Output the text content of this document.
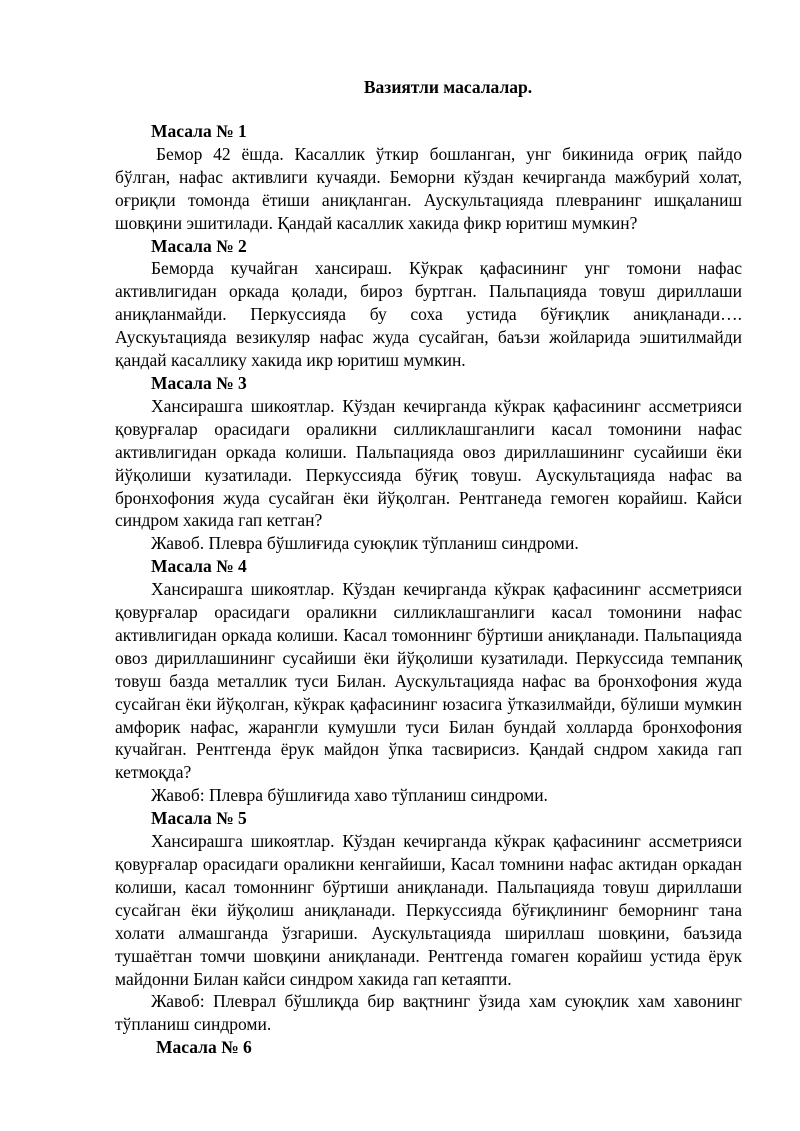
Вазиятли масалалар.

Масала № 1

Бемор 42 ёшда. Касаллик ўткир бошланган, унг бикинида оғриқ пайдо бўлган, нафас активлиги кучаяди. Беморни кўздан кечирганда мажбурий холат, оғриқли томонда ётиши аниқланган. Аускультацияда плевранинг ишқаланиш шовқини эшитилади. Қандай касаллик хакида фикр юритиш мумкин?

Масала № 2

Беморда кучайган хансираш. Кўкрак қафасининг унг томони нафас активлигидан оркада қолади, бироз буртган. Пальпацияда товуш дириллаши аниқланмайди. Перкуссияда бу соха устида бўғиқлик аниқланади…. Аускуьтацияда везикуляр нафас жуда сусайган, баъзи жойларида эшитилмайди қандай касаллику хакида икр юритиш мумкин.

Масала № 3

Хансирашга шикоятлар. Кўздан кечирганда кўкрак қафасининг ассметрияси қовурғалар орасидаги ораликни силликлашганлиги касал томонини нафас активлигидан оркада колиши. Пальпацияда овоз дириллашининг сусайиши ёки йўқолиши кузатилади. Перкуссияда бўғиқ товуш. Аускультацияда нафас ва бронхофония жуда сусайган ёки йўқолган. Рентганеда гемоген корайиш. Кайси синдром хакида гап кетган?

Жавоб. Плевра бўшлиғида суюқлик тўпланиш синдроми.

Масала № 4

Хансирашга шикоятлар. Кўздан кечирганда кўкрак қафасининг ассметрияси қовурғалар орасидаги ораликни силликлашганлиги касал томонини нафас активлигидан оркада колиши. Касал томоннинг бўртиши аниқланади. Пальпацияда овоз дириллашининг сусайиши ёки йўқолиши кузатилади. Перкуссида темпаниқ товуш базда металлик туси Билан. Аускультацияда нафас ва бронхофония жуда сусайган ёки йўқолган, кўкрак қафасининг юзасига ўтказилмайди, бўлиши мумкин амфорик нафас, жарангли кумушли туси Билан бундай холларда бронхофония кучайган. Рентгенда ёрук майдон ўпка тасвирисиз. Қандай сндром хакида гап кетмоқда?

Жавоб: Плевра бўшлиғида хаво тўпланиш синдроми.

Масала № 5

Хансирашга шикоятлар. Кўздан кечирганда кўкрак қафасининг ассметрияси қовурғалар орасидаги ораликни кенгайиши, Касал томнини нафас актидан оркадан колиши, касал томоннинг бўртиши аниқланади. Пальпацияда товуш дириллаши сусайган ёки йўқолиш аниқланади. Перкуссияда бўғиқлининг беморнинг тана холати алмашганда ўзгариши. Аускультацияда шириллаш шовқини, баъзида тушаётган томчи шовқини аниқланади. Рентгенда гомаген корайиш устида ёрук майдонни Билан кайси синдром хакида гап кетаяпти.

Жавоб: Плеврал бўшлиқда бир вақтнинг ўзида хам суюқлик хам хавонинг тўпланиш синдроми.

Масала № 6
